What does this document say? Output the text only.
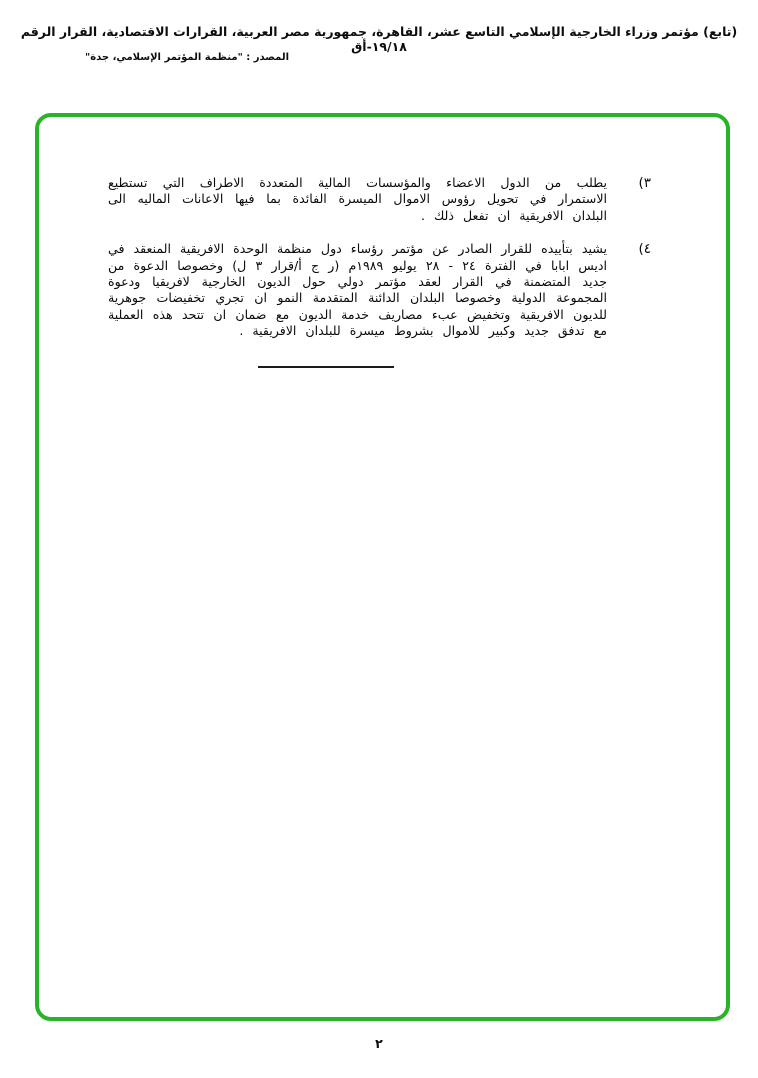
(تابع) مؤتمر وزراء الخارجية الإسلامي التاسع عشر، القاهرة، جمهورية مصر العربية، القرارات الاقتصادية، القرار الرقم ١٩/١٨-أق
المصدر : "منظمة المؤتمر الإسلامي، جدة"
٣)

يطلب من الدول الاعضاء والمؤسسات المالية المتعددة الاطراف التي تستطيع الاستمرار في تحويل رؤوس الاموال الميسرة الفائدة بما فيها الاعانات الماليه الى البلدان الافريقية ان تفعل ذلك .

٤)

يشيد بتأييده للقرار الصادر عن مؤتمر رؤساء دول منظمة الوحدة الافريقية المنعقد في اديس ابابا في الفترة ٢٤ - ٢٨ يوليو ١٩٨٩م (ر ج أ/قرار ٣ ل) وخصوصا الدعوة من جديد المتضمنة في القرار لعقد مؤتمر دولي حول الديون الخارجية لافريقيا ودعوة المجموعة الدولية وخصوصا البلدان الدائنة المتقدمة النمو ان تجري تخفيضات جوهرية للديون الافريقية وتخفيض عبء مصاريف خدمة الديون مع ضمان ان تتحد هذه العملية مع تدفق جديد وكبير للاموال بشروط ميسرة للبلدان الافريقية .

٢
